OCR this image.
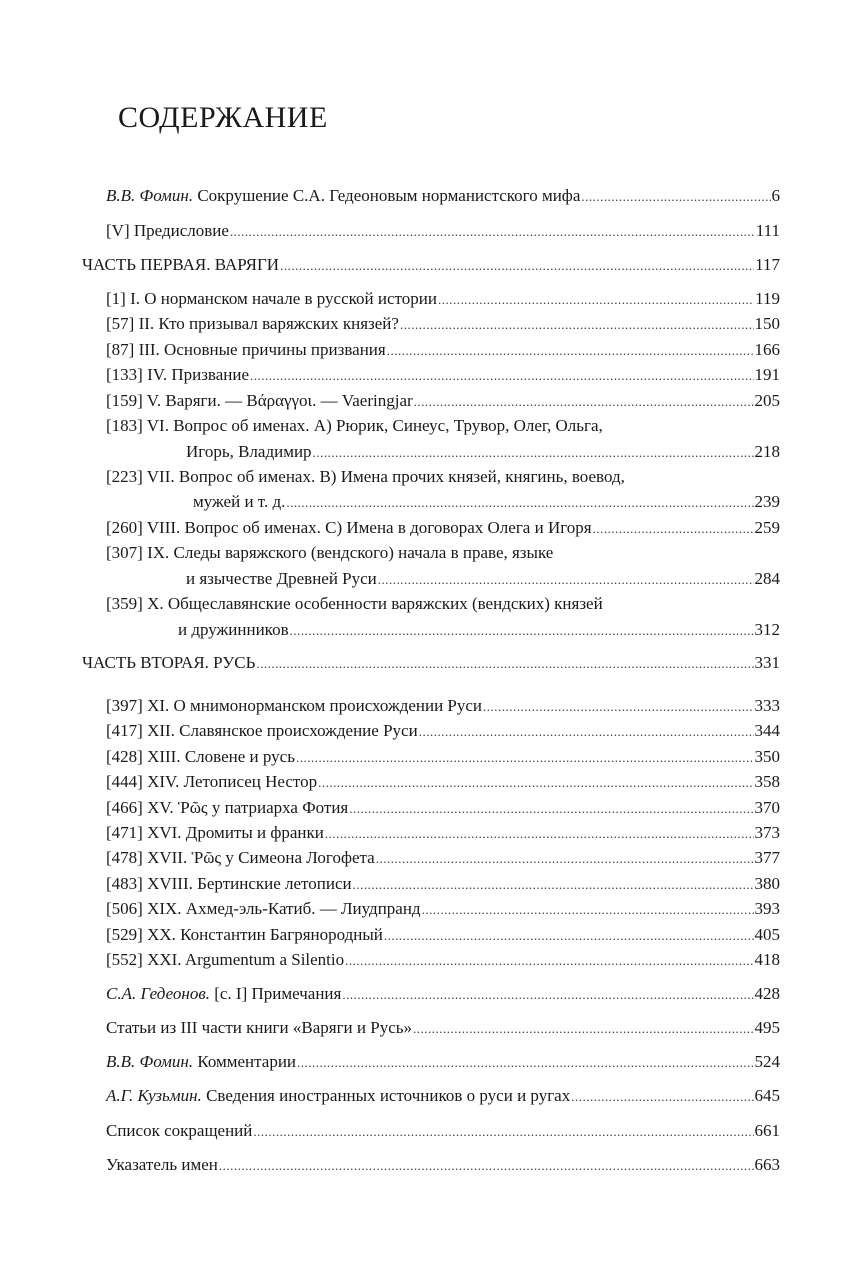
СОДЕРЖАНИЕ
В.В. Фомин. Сокрушение С.А. Гедеоновым норманистского мифа .....	6
[V] Предисловие .....	111
ЧАСТЬ ПЕРВАЯ. ВАРЯГИ .....	117
[1] I. О норманском начале в русской истории .....	119
[57] II. Кто призывал варяжских князей? .....	150
[87] III. Основные причины призвания .....	166
[133] IV. Призвание .....	191
[159] V. Варяги. — Βάραγγοι. — Vaeringjar .....	205
[183] VI. Вопрос об именах. А) Рюрик, Синеус, Трувор, Олег, Ольга,
Игорь, Владимир .....	218
[223] VII. Вопрос об именах. B) Имена прочих князей, княгинь, воевод,
мужей и т. д. .....	239
[260] VIII. Вопрос об именах. C) Имена в договорах Олега и Игоря .....	259
[307] IX. Следы варяжского (вендского) начала в праве, языке
и язычестве Древней Руси .....	284
[359] X. Общеславянские особенности варяжских (вендских) князей
и дружинников .....	312
ЧАСТЬ ВТОРАЯ. РУСЬ .....	331
[397] XI. О мнимонорманском происхождении Руси .....	333
[417] XII. Славянское происхождение Руси .....	344
[428] XIII. Словене и русь .....	350
[444] XIV. Летописец Нестор .....	358
[466] XV. Ῥῶς у патриарха Фотия .....	370
[471] XVI. Дромиты и франки .....	373
[478] XVII. Ῥῶς у Симеона Логофета .....	377
[483] XVIII. Бертинские летописи .....	380
[506] XIX. Ахмед-эль-Катиб. — Лиудпранд .....	393
[529] XX. Константин Багрянородный .....	405
[552] XXI. Argumentum a Silentio .....	418
С.А. Гедеонов. [с. I] Примечания .....	428
Статьи из III части книги «Варяги и Русь» .....	495
В.В. Фомин. Комментарии .....	524
А.Г. Кузьмин. Сведения иностранных источников о руси и ругах .....	645
Список сокращений .....	661
Указатель имен .....	663
